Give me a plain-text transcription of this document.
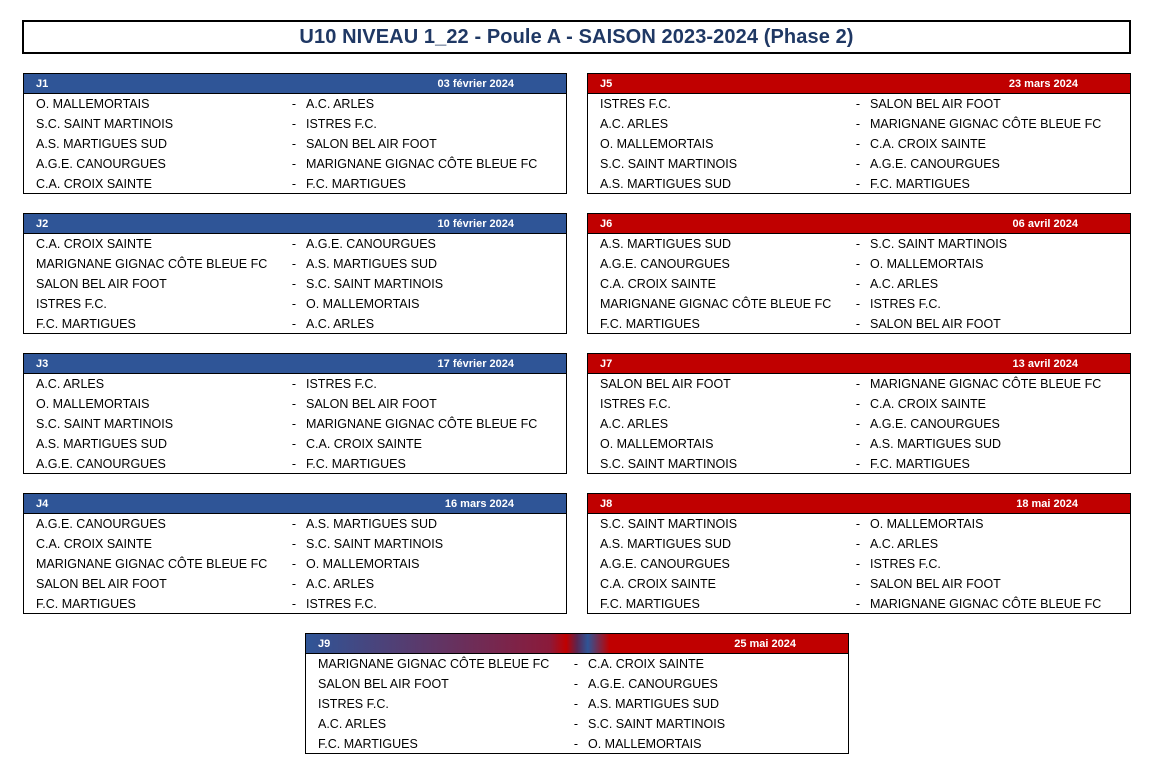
U10 NIVEAU 1_22 - Poule A - SAISON 2023-2024 (Phase 2)
J1	03 février 2024
O. MALLEMORTAIS	- A.C. ARLES
S.C. SAINT MARTINOIS	- ISTRES F.C.
A.S. MARTIGUES SUD	- SALON BEL AIR FOOT
A.G.E. CANOURGUES	- MARIGNANE GIGNAC CÔTE BLEUE FC
C.A. CROIX SAINTE	- F.C. MARTIGUES
J5	23 mars 2024
ISTRES F.C.	- SALON BEL AIR FOOT
A.C. ARLES	- MARIGNANE GIGNAC CÔTE BLEUE FC
O. MALLEMORTAIS	- C.A. CROIX SAINTE
S.C. SAINT MARTINOIS	- A.G.E. CANOURGUES
A.S. MARTIGUES SUD	- F.C. MARTIGUES
J2	10 février 2024
C.A. CROIX SAINTE	- A.G.E. CANOURGUES
MARIGNANE GIGNAC CÔTE BLEUE FC	- A.S. MARTIGUES SUD
SALON BEL AIR FOOT	- S.C. SAINT MARTINOIS
ISTRES F.C.	- O. MALLEMORTAIS
F.C. MARTIGUES	- A.C. ARLES
J6	06 avril 2024
A.S. MARTIGUES SUD	- S.C. SAINT MARTINOIS
A.G.E. CANOURGUES	- O. MALLEMORTAIS
C.A. CROIX SAINTE	- A.C. ARLES
MARIGNANE GIGNAC CÔTE BLEUE FC	- ISTRES F.C.
F.C. MARTIGUES	- SALON BEL AIR FOOT
J3	17 février 2024
A.C. ARLES	- ISTRES F.C.
O. MALLEMORTAIS	- SALON BEL AIR FOOT
S.C. SAINT MARTINOIS	- MARIGNANE GIGNAC CÔTE BLEUE FC
A.S. MARTIGUES SUD	- C.A. CROIX SAINTE
A.G.E. CANOURGUES	- F.C. MARTIGUES
J7	13 avril 2024
SALON BEL AIR FOOT	- MARIGNANE GIGNAC CÔTE BLEUE FC
ISTRES F.C.	- C.A. CROIX SAINTE
A.C. ARLES	- A.G.E. CANOURGUES
O. MALLEMORTAIS	- A.S. MARTIGUES SUD
S.C. SAINT MARTINOIS	- F.C. MARTIGUES
J4	16 mars 2024
A.G.E. CANOURGUES	- A.S. MARTIGUES SUD
C.A. CROIX SAINTE	- S.C. SAINT MARTINOIS
MARIGNANE GIGNAC CÔTE BLEUE FC	- O. MALLEMORTAIS
SALON BEL AIR FOOT	- A.C. ARLES
F.C. MARTIGUES	- ISTRES F.C.
J8	18 mai 2024
S.C. SAINT MARTINOIS	- O. MALLEMORTAIS
A.S. MARTIGUES SUD	- A.C. ARLES
A.G.E. CANOURGUES	- ISTRES F.C.
C.A. CROIX SAINTE	- SALON BEL AIR FOOT
F.C. MARTIGUES	- MARIGNANE GIGNAC CÔTE BLEUE FC
J9	25 mai 2024
MARIGNANE GIGNAC CÔTE BLEUE FC	- C.A. CROIX SAINTE
SALON BEL AIR FOOT	- A.G.E. CANOURGUES
ISTRES F.C.	- A.S. MARTIGUES SUD
A.C. ARLES	- S.C. SAINT MARTINOIS
F.C. MARTIGUES	- O. MALLEMORTAIS
